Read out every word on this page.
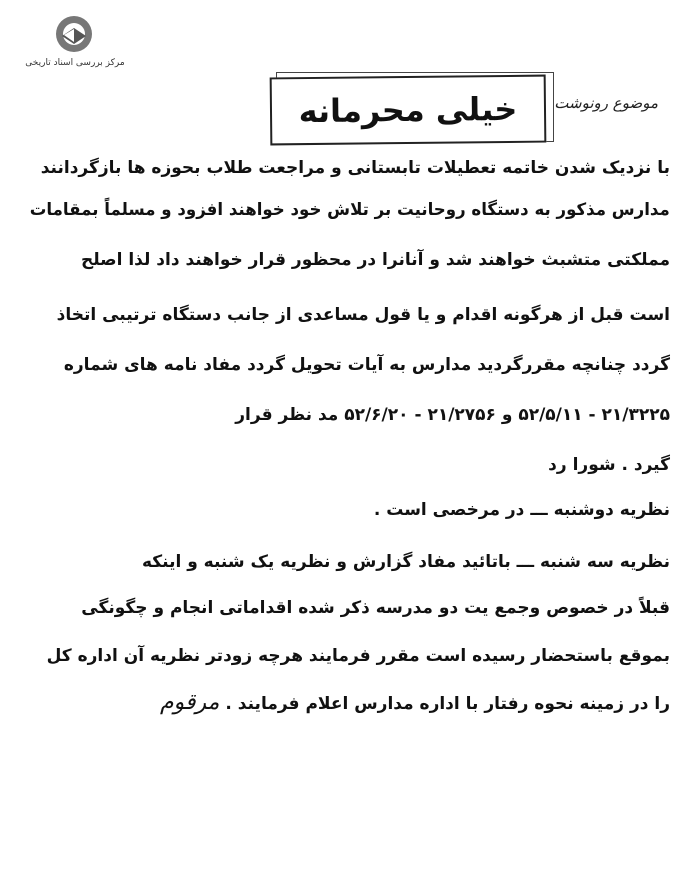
مرکز بررسی اسناد تاریخی
خیلی محرمانه	موضوع رونوشت
با نزدیک شدن خاتمه تعطیلات تابستانی و مراجعت طلاب بحوزه ها بازگردانند
مدارس مذکور به دستگاه روحانیت بر تلاش خود خواهند افزود و مسلماً بمقامات
مملکتی متشبث خواهند شد و آنانرا در محظور قرار خواهند داد لذا اصلح
است قبل از هرگونه اقدام و یا قول مساعدی از جانب دستگاه ترتیبی اتخاذ
گردد چنانچه مقررگردید مدارس به آیات تحویل گردد مفاد نامه های شماره
۲۱/۳۲۲۵ - ۵۲/۵/۱۱ و ۲۱/۲۷۵۶ - ۵۲/۶/۲۰ مد نظر قرار
گیرد . شورا رد
نظریه دوشنبه ـــ در مرخصی است .
نظریه سه شنبه ـــ باتائید مفاد گزارش و نظریه یک شنبه و اینکه
قبلاً در خصوص وجمع یت دو مدرسه ذکر شده اقداماتی انجام و چگونگی
بموقع باستحضار رسیده است مقرر فرمایند هرچه زودتر نظریه آن اداره کل
را در زمینه نحوه رفتار با اداره مدارس اعلام فرمایند .
مرقوم
